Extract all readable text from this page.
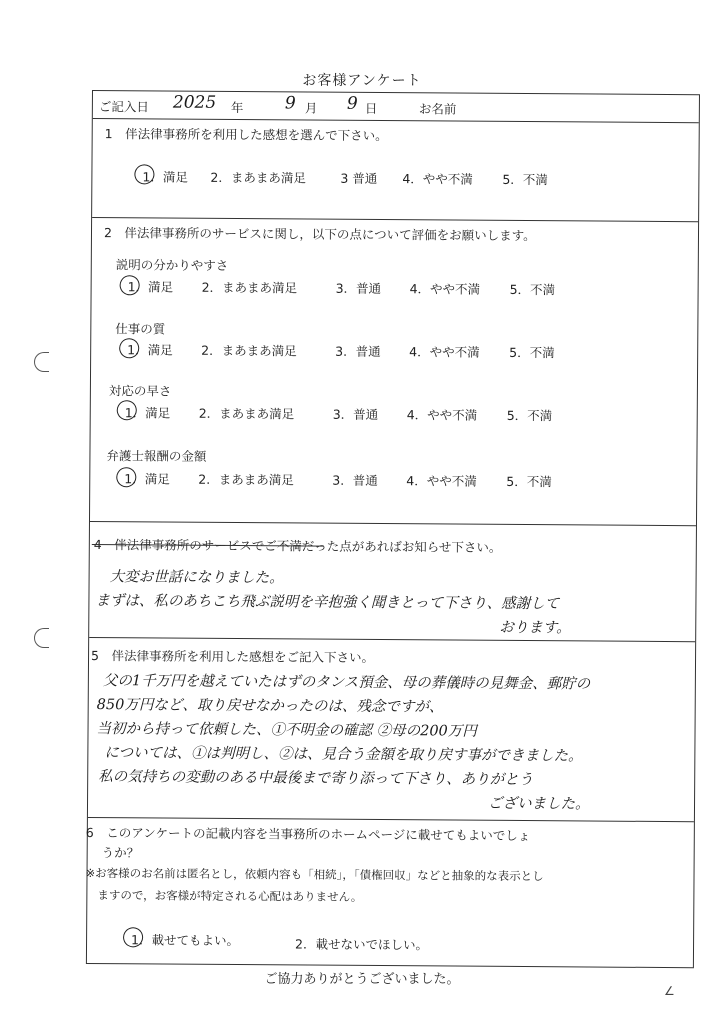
お客様アンケート
ご記入日 2025 年 9 月 9 日	お名前
1　伴法律事務所を利用した感想を選んで下さい。
1．満足 2．まあまあ満足	3 普通 4．やや不満 5．不満
2　伴法律事務所のサービスに関し，以下の点について評価をお願いします。
説明の分かりやすさ
1．満足 2．まあまあ満足	3．普通 4．やや不満 5．不満
仕事の質
1．満足 2．まあまあ満足	3．普通 4．やや不満 5．不満
対応の早さ
1．満足 2．まあまあ満足	3．普通 4．やや不満 5．不満
弁護士報酬の金額
1．満足 2．まあまあ満足	3．普通 4．やや不満 5．不満
4　伴法律事務所のサービスでご不満だった点があればお知らせ下さい。
大変お世話になりました。
まずは、私のあちこち飛ぶ説明を辛抱強く聞きとって下さり、感謝して
おります。
5　伴法律事務所を利用した感想をご記入下さい。
父の1千万円を越えていたはずのタンス預金、母の葬儀時の見舞金、郵貯の
850万円など、取り戻せなかったのは、残念ですが、
当初から持って依頼した、①不明金の確認 ②母の200万円
については、①は判明し、②は、見合う金額を取り戻す事ができました。
私の気持ちの変動のある中最後まで寄り添って下さり、ありがとう
ございました。
6　このアンケートの記載内容を当事務所のホームページに載せてもよいでしょ
うか？
※お客様のお名前は匿名とし，依頼内容も「相続」，「債権回収」などと抽象的な表示とし
ますので，お客様が特定される心配はありません。
1．載せてもよい。	2．載せないでほしい。
ご協力ありがとうございました。
∠
